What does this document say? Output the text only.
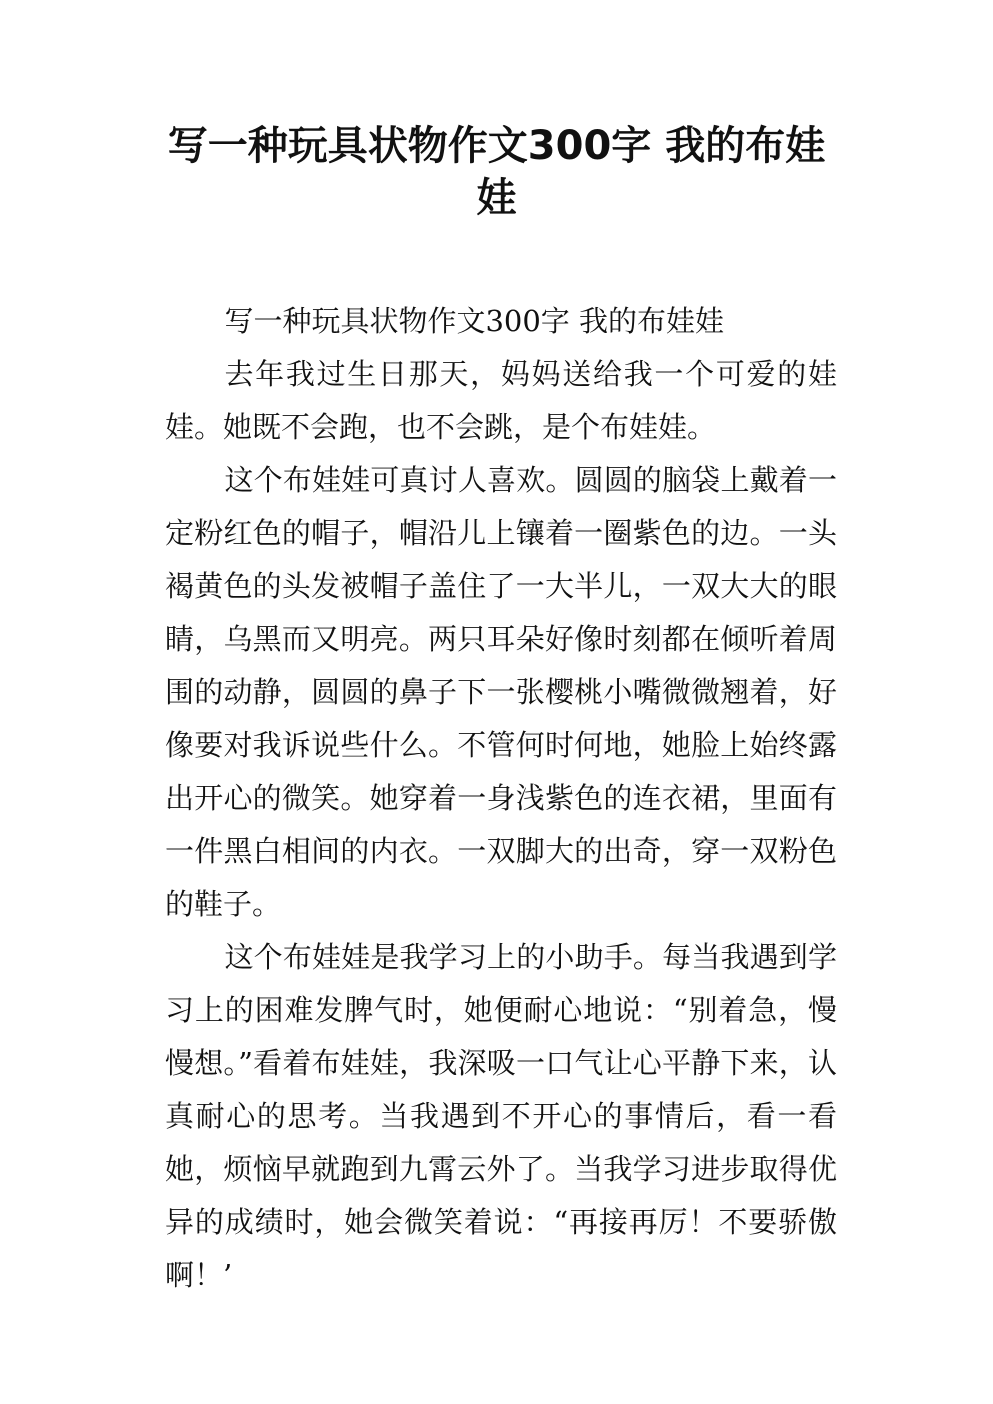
写一种玩具状物作文300字 我的布娃娃

写一种玩具状物作文300字 我的布娃娃

去年我过生日那天，妈妈送给我一个可爱的娃娃。她既不会跑，也不会跳，是个布娃娃。

这个布娃娃可真讨人喜欢。圆圆的脑袋上戴着一定粉红色的帽子，帽沿儿上镶着一圈紫色的边。一头褐黄色的头发被帽子盖住了一大半儿，一双大大的眼睛，乌黑而又明亮。两只耳朵好像时刻都在倾听着周围的动静，圆圆的鼻子下一张樱桃小嘴微微翘着，好像要对我诉说些什么。不管何时何地，她脸上始终露出开心的微笑。她穿着一身浅紫色的连衣裙，里面有一件黑白相间的内衣。一双脚大的出奇，穿一双粉色的鞋子。

这个布娃娃是我学习上的小助手。每当我遇到学习上的困难发脾气时，她便耐心地说：“别着急，慢慢想。”看着布娃娃，我深吸一口气让心平静下来，认真耐心的思考。当我遇到不开心的事情后，看一看她，烦恼早就跑到九霄云外了。当我学习进步取得优异的成绩时，她会微笑着说：“再接再厉！不要骄傲啊！’
